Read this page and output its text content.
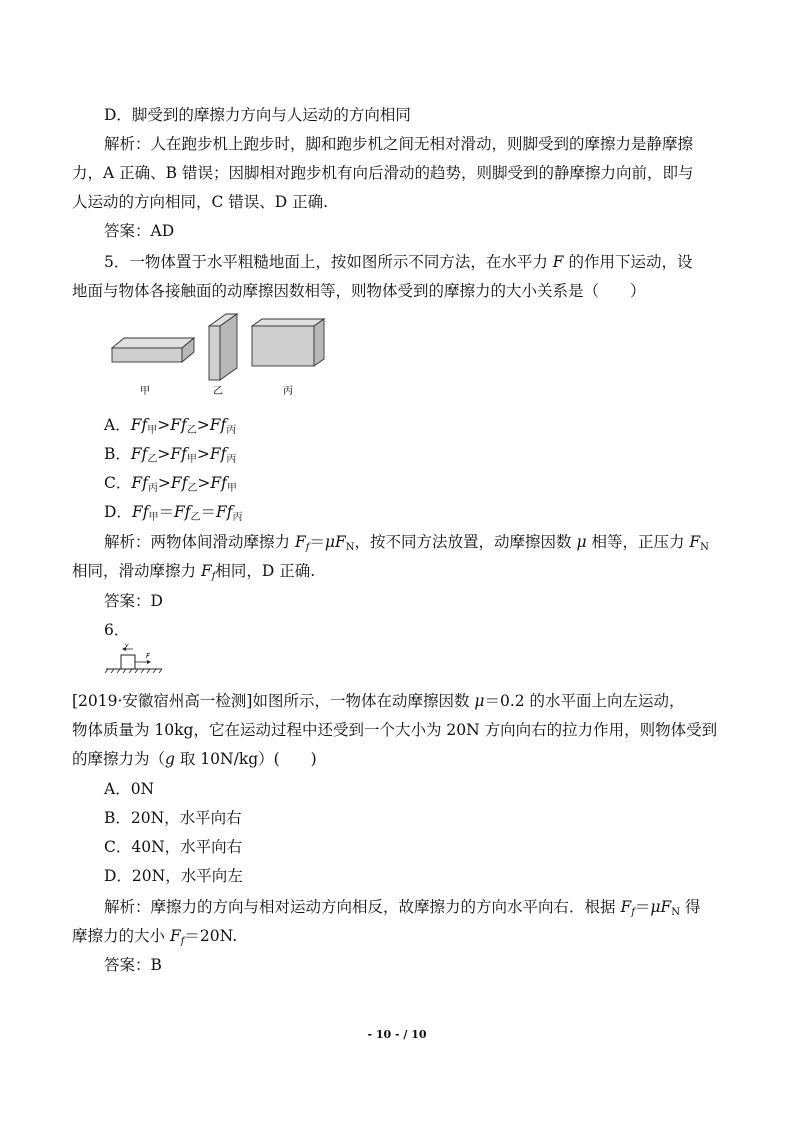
D．脚受到的摩擦力方向与人运动的方向相同
解析：人在跑步机上跑步时，脚和跑步机之间无相对滑动，则脚受到的摩擦力是静摩擦
力，A 正确、B 错误；因脚相对跑步机有向后滑动的趋势，则脚受到的静摩擦力向前，即与
人运动的方向相同，C 错误、D 正确.
答案：AD
5．一物体置于水平粗糙地面上，按如图所示不同方法，在水平力 F 的作用下运动，设
地面与物体各接触面的动摩擦因数相等，则物体受到的摩擦力的大小关系是（　　）
甲	乙	丙
A．$Ff_甲>Ff_乙>Ff_丙$
B．$Ff_乙>Ff_甲>Ff_丙$
C．$Ff_丙>Ff_乙>Ff_甲$
D．$Ff_甲=Ff_乙=Ff_丙$
解析：两物体间滑动摩擦力 $F_f=\mu F_N$，按不同方法放置，动摩擦因数 μ 相等，正压力 $F_N$
相同，滑动摩擦力 $F_f$相同，D 正确.
答案：D
6．
v
F
[2019·安徽宿州高一检测]如图所示，一物体在动摩擦因数 μ＝0.2 的水平面上向左运动，
物体质量为 10kg，它在运动过程中还受到一个大小为 20N 方向向右的拉力作用，则物体受到
的摩擦力为（g 取 10N/kg）(　　)
A．0N
B．20N，水平向右
C．40N，水平向右
D．20N，水平向左
解析：摩擦力的方向与相对运动方向相反，故摩擦力的方向水平向右．根据 $F_f=\mu F_N$ 得
摩擦力的大小 $F_f=20N$.
答案：B
- 10 - / 10
